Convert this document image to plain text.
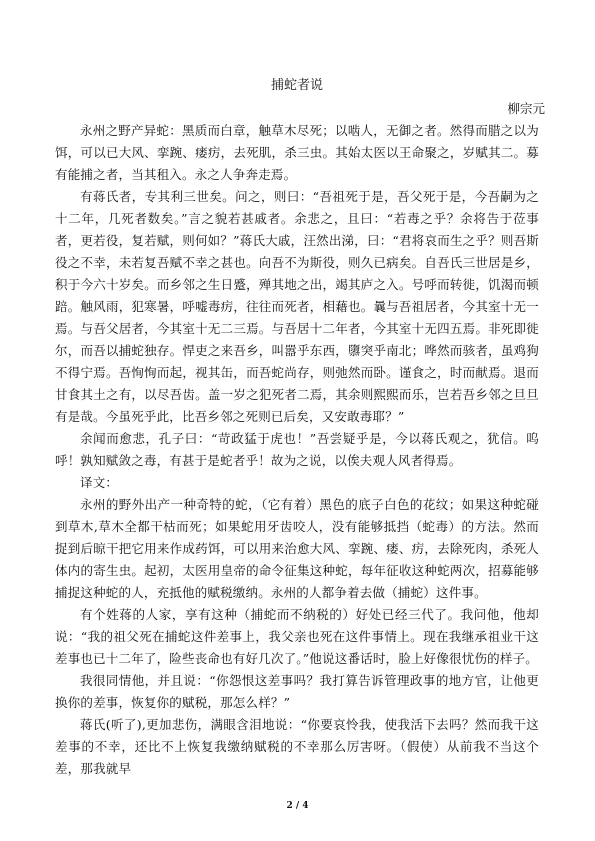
捕蛇者说
柳宗元

永州之野产异蛇：黑质而白章，触草木尽死；以啮人，无御之者。然得而腊之以为饵，可以已大风、挛踠、瘘疠，去死肌，杀三虫。其始太医以王命聚之，岁赋其二。募有能捕之者，当其租入。永之人争奔走焉。

有蒋氏者，专其利三世矣。问之，则曰：“吾祖死于是，吾父死于是，今吾嗣为之十二年，几死者数矣。”言之貌若甚戚者。余悲之，且曰：“若毒之乎？余将告于莅事者，更若役，复若赋，则何如？”蒋氏大戚，汪然出涕，曰：“君将哀而生之乎？则吾斯役之不幸，未若复吾赋不幸之甚也。向吾不为斯役，则久已病矣。自吾氏三世居是乡，积于今六十岁矣。而乡邻之生日蹙，殚其地之出，竭其庐之入。号呼而转徙，饥渴而顿踣。触风雨，犯寒暑，呼嘘毒疠，往往而死者，相藉也。曩与吾祖居者，今其室十无一焉。与吾父居者，今其室十无二三焉。与吾居十二年者，今其室十无四五焉。非死即徙尔，而吾以捕蛇独存。悍吏之来吾乡，叫嚣乎东西，隳突乎南北；哗然而骇者，虽鸡狗不得宁焉。吾恂恂而起，视其缶，而吾蛇尚存，则弛然而卧。谨食之，时而献焉。退而甘食其土之有，以尽吾齿。盖一岁之犯死者二焉，其余则熙熙而乐，岂若吾乡邻之旦旦有是哉。今虽死乎此，比吾乡邻之死则已后矣，又安敢毒耶？”

余闻而愈悲，孔子曰：“苛政猛于虎也！”吾尝疑乎是，今以蒋氏观之，犹信。呜呼！孰知赋敛之毒，有甚于是蛇者乎！故为之说，以俟夫观人风者得焉。

译文：

永州的野外出产一种奇特的蛇，（它有着）黑色的底子白色的花纹；如果这种蛇碰到草木,草木全都干枯而死；如果蛇用牙齿咬人，没有能够抵挡（蛇毒）的方法。然而捉到后晾干把它用来作成药饵，可以用来治愈大风、挛踠、瘘、疠，去除死肉，杀死人体内的寄生虫。起初，太医用皇帝的命令征集这种蛇，每年征收这种蛇两次，招募能够捕捉这种蛇的人，充抵他的赋税缴纳。永州的人都争着去做（捕蛇）这件事。

有个姓蒋的人家，享有这种（捕蛇而不纳税的）好处已经三代了。我问他，他却说：“我的祖父死在捕蛇这件差事上，我父亲也死在这件事情上。现在我继承祖业干这差事也已十二年了，险些丧命也有好几次了。”他说这番话时，脸上好像很忧伤的样子。

我很同情他，并且说：“你怨恨这差事吗？我打算告诉管理政事的地方官，让他更换你的差事，恢复你的赋税，那怎么样？”

蒋氏(听了),更加悲伤，满眼含泪地说：“你要哀怜我，使我活下去吗？然而我干这差事的不幸，还比不上恢复我缴纳赋税的不幸那么厉害呀。（假使）从前我不当这个差，那我就早

2 / 4
